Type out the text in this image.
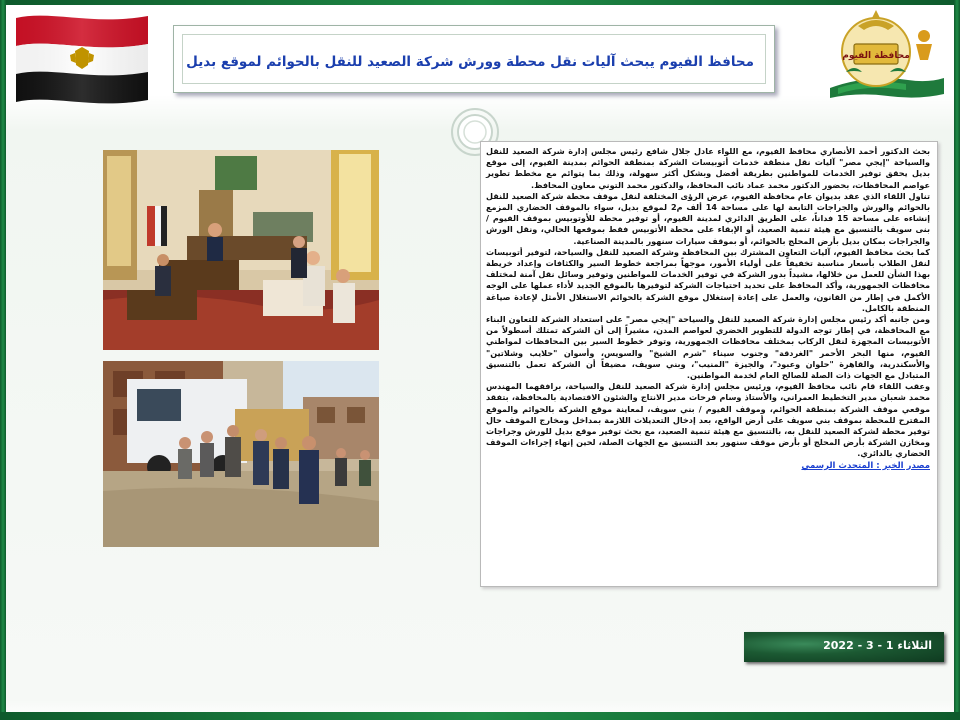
محافظة الفيوم
محافظ الفيوم يبحث آليات نقل محطة وورش شركة الصعيد للنقل بالحوائم لموقع بديل

بحث الدكتور أحمد الأنصاري محافظ الفيوم، مع اللواء عادل جلال شافع رئيس مجلس إدارة شركة الصعيد للنقل والسياحة "إيجي مصر" آليات نقل منطقة خدمات أتوبيسات الشركة بمنطقة الحوائم بمدينة الفيوم، إلى موقع بديل يحقق توفير الخدمات للمواطنين بطريقة أفضل وبشكل أكثر سهولة، وذلك بما يتوائم مع مخطط تطوير عواصم المحافظات، بحضور الدكتور محمد عماد نائب المحافظ، والدكتور محمد التوني معاون المحافظ.

تناول اللقاء الذي عقد بديوان عام محافظة الفيوم، عرض الرؤى المختلفة لنقل موقف محطة شركة الصعيد للنقل بالحوائم والورش والجراجات التابعة لها على مساحة 14 ألف م2 لموقع بديل، سواء بالموقف الحضاري المزمع إنشاءه على مساحة 15 فداناً، على الطريق الدائري لمدينة الفيوم، أو توفير محطة للأوتوبيس بموقف الفيوم / بنى سويف بالتنسيق مع هيئة تنمية الصعيد، أو الإبقاء على محطة الأتوبيس فقط بموقعها الحالي، ونقل الورش والجراجات بمكان بديل بأرض المحلج بالحوائم، أو بموقف سيارات سنهور بالمدينة الصناعية.

كما بحث محافظ الفيوم، آليات التعاون المشترك بين المحافظة وشركة الصعيد للنقل والسياحة، لتوفير أتوبيسات لنقل الطلاب بأسعار مناسبة تخفيفاً على أولياء الأمور، موجهاً بمراجعة خطوط السير والكثافات وإعداد خريطة بهذا الشأن للعمل من خلالها، مشيداً بدور الشركة في توفير الخدمات للمواطنين وتوفير وسائل نقل آمنة لمختلف محافظات الجمهورية، وأكد المحافظ على تحديد احتياجات الشركة لتوفيرها بالموقع الجديد لأداء عملها على الوجه الأكمل في إطار من القانون، والعمل على إعادة إستغلال موقع الشركة بالحوائم الاستغلال الأمثل لإعادة صياغة المنطقة بالكامل.

ومن جانبه أكد رئيس مجلس إدارة شركة الصعيد للنقل والسياحة "إيجي مصر" على استعداد الشركة للتعاون البناء مع المحافظة، في إطار توجه الدولة للتطوير الحضري لعواصم المدن، مشيراً إلى أن الشركة تمتلك أسطولاً من الأتوبيسات المجهزة لنقل الركاب بمختلف محافظات الجمهورية، وتوفر خطوط السير بين المحافظات لمواطني الفيوم، منها البحر الأحمر "الغردقة" وجنوب سيناء "شرم الشيخ" والسويس، وأسوان "حلايب وشلاتين" والأسكندرية، والقاهرة "حلوان وعبود"، والجيزة "المنيب"، وبني سويف، مضيفاً أن الشركة تعمل بالتنسيق المتبادل مع الجهات ذات الصلة للصالح العام لخدمة المواطنين.

وعقب اللقاء قام نائب محافظ الفيوم، ورئيس مجلس إدارة شركة الصعيد للنقل والسياحة، برافقهما المهندس محمد شعبان مدير التخطيط العمراني، والأستاذ وسام فرحات مدير الانتاج والشئون الاقتصادية بالمحافظة، بتفقد موقعي موقف الشركة بمنطقة الحوائم، وموقف الفيوم / بني سويف، لمعاينة موقع الشركة بالحوائم والموقع المقترح للمحطة بموقف بني سويف على أرض الواقع، بعد إدخال التعديلات اللازمة بمداخل ومخارج الموقف حال توفير محطة لشركة الصعيد للنقل به، بالتنسيق مع هيئة تنمية الصعيد، مع بحث توفير موقع بديل للورش وجراجات ومخازن الشركة بأرض المحلج أو بأرض موقف سنهور بعد التنسيق مع الجهات الصلة، لحين إنهاء إجراءات الموقف الحضاري بالدائري.

مصدر الخبر : المتحدث الرسمي
الثلاثاء 1 - 3 - 2022
